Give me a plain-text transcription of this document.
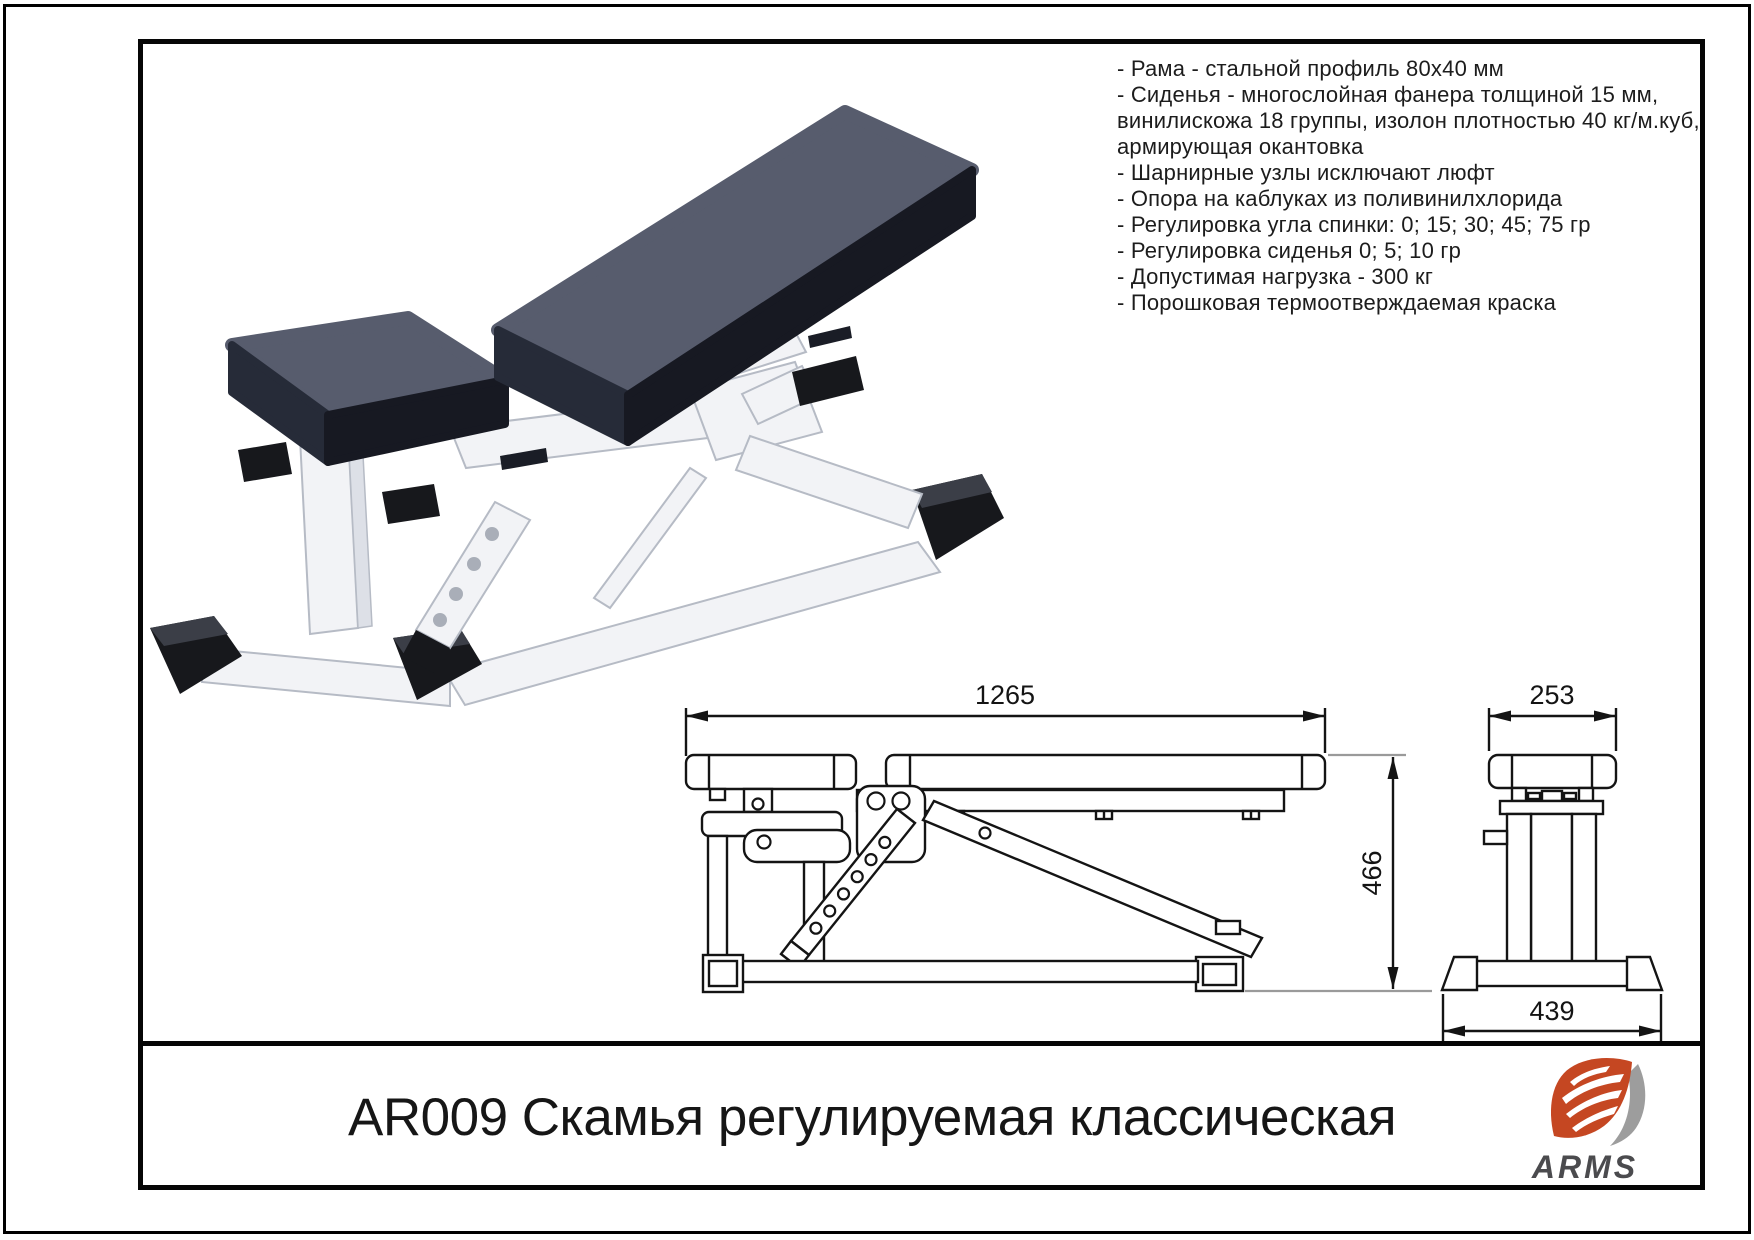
1265
466
253
439
- Рама - стальной профиль 80х40 мм
- Сиденья - многослойная фанера толщиной 15 мм,
винилискожа 18 группы, изолон плотностью 40 кг/м.куб,
армирующая окантовка
- Шарнирные узлы исключают люфт
- Опора на каблуках из поливинилхлорида
- Регулировка угла спинки: 0; 15; 30; 45; 75 гр
- Регулировка сиденья 0; 5; 10 гр
- Допустимая нагрузка - 300 кг
- Порошковая термоотверждаемая краска
AR009 Скамья регулируемая классическая
ARMS
